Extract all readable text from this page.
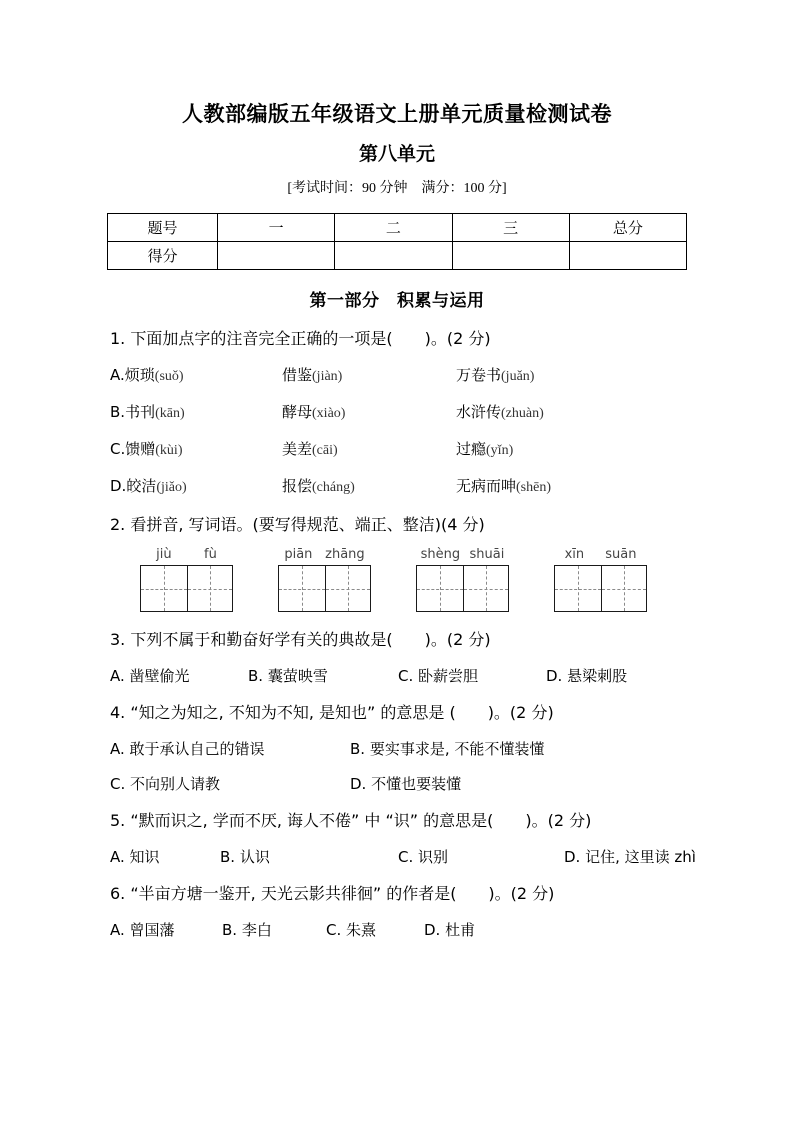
人教部编版五年级语文上册单元质量检测试卷
第八单元
[考试时间：90 分钟　满分：100 分]
题号	一	二	三	总分
得分				
第一部分　积累与运用
1. 下面加点字的注音完全正确的一项是(　　)。(2 分)
A.烦琐(suǒ)	借鉴(jiàn)	万卷书(juǎn)
B.书刊(kān)	酵母(xiào)	水浒传(zhuàn)
C.馈赠(kùi)	美差(cāi)	过瘾(yǐn)
D.皎洁(jiǎo)	报偿(cháng)	无病而呻(shēn)
2. 看拼音, 写词语。(要写得规范、端正、整洁)(4 分)
jiù	fù	piān zhāng	shèng shuāi	xīn	suān
3. 下列不属于和勤奋好学有关的典故是(　　)。(2 分)
A. 凿壁偷光	B. 囊萤映雪	C. 卧薪尝胆	D. 悬梁刺股
4. “知之为知之, 不知为不知, 是知也” 的意思是 (　　)。(2 分)
A. 敢于承认自己的错误	B. 要实事求是, 不能不懂装懂
C. 不向别人请教	D. 不懂也要装懂
5. “默而识之, 学而不厌, 诲人不倦” 中 “识” 的意思是(　　)。(2 分)
A. 知识	B. 认识	C. 识别	D. 记住, 这里读 zhì
6. “半亩方塘一鉴开, 天光云影共徘徊” 的作者是(　　)。(2 分)
A. 曾国藩	B. 李白	C. 朱熹	D. 杜甫
